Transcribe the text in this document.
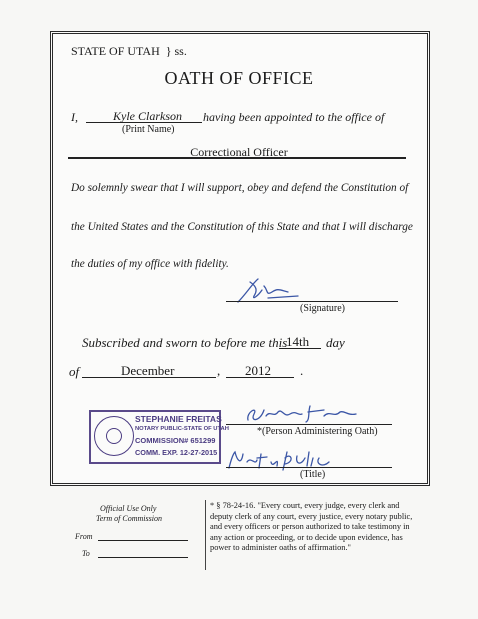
STATE OF UTAH } ss.
OATH OF OFFICE
I,	Kyle Clarkson having been appointed to the office of
(Print Name)
Correctional Officer
Do solemnly swear that I will support, obey and defend the Constitution of
the United States and the Constitution of this State and that I will discharge
the duties of my office with fidelity.
(Signature)
Subscribed and sworn to before me this
14th day
of	December	, 2012 .
STEPHANIE FREITAS
NOTARY PUBLIC-STATE OF UTAH
COMMISSION# 651299
COMM. EXP. 12-27-2015
*(Person Administering Oath)
(Title)
Official Use Only
Term of Commission
From
To
* § 78-24-16. "Every court, every judge, every clerk and
deputy clerk of any court, every justice, every notary public,
and every officers or person authorized to take testimony in
any action or proceeding, or to decide upon evidence, has
power to administer oaths of affirmation."
